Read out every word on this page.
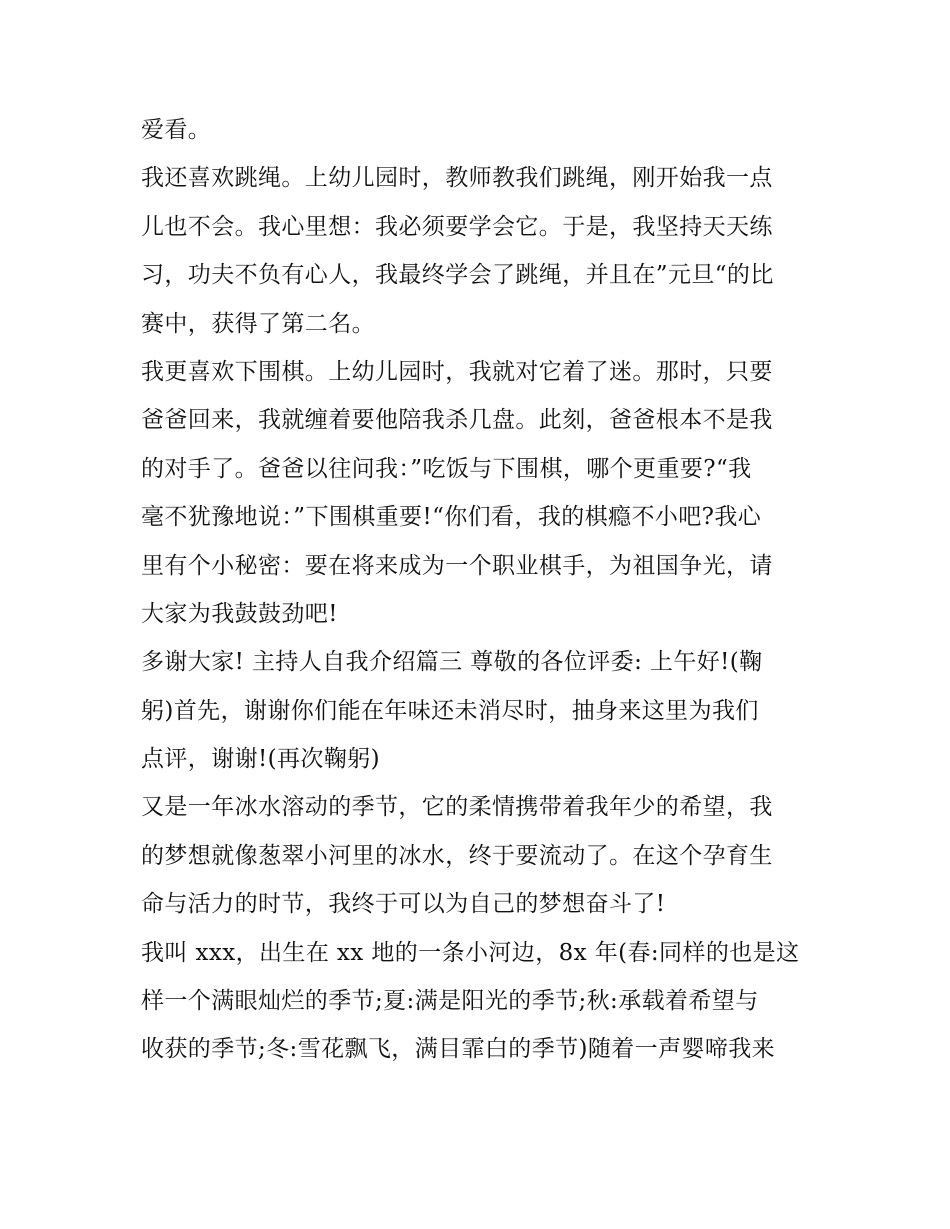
爱看。
我还喜欢跳绳。上幼儿园时，教师教我们跳绳，刚开始我一点
儿也不会。我心里想：我必须要学会它。于是，我坚持天天练
习，功夫不负有心人，我最终学会了跳绳，并且在”元旦“的比
赛中，获得了第二名。
我更喜欢下围棋。上幼儿园时，我就对它着了迷。那时，只要
爸爸回来，我就缠着要他陪我杀几盘。此刻，爸爸根本不是我
的对手了。爸爸以往问我：”吃饭与下围棋，哪个更重要?“我
毫不犹豫地说：”下围棋重要!“你们看，我的棋瘾不小吧?我心
里有个小秘密：要在将来成为一个职业棋手，为祖国争光，请
大家为我鼓鼓劲吧!
多谢大家! 主持人自我介绍篇三 尊敬的各位评委: 上午好!(鞠
躬)首先，谢谢你们能在年味还未消尽时，抽身来这里为我们
点评，谢谢!(再次鞠躬)
又是一年冰水溶动的季节，它的柔情携带着我年少的希望，我
的梦想就像葱翠小河里的冰水，终于要流动了。在这个孕育生
命与活力的时节，我终于可以为自己的梦想奋斗了!
我叫 xxx，出生在 xx 地的一条小河边，8x 年(春:同样的也是这
样一个满眼灿烂的季节;夏:满是阳光的季节;秋:承载着希望与
收获的季节;冬:雪花飘飞，满目霏白的季节)随着一声婴啼我来
